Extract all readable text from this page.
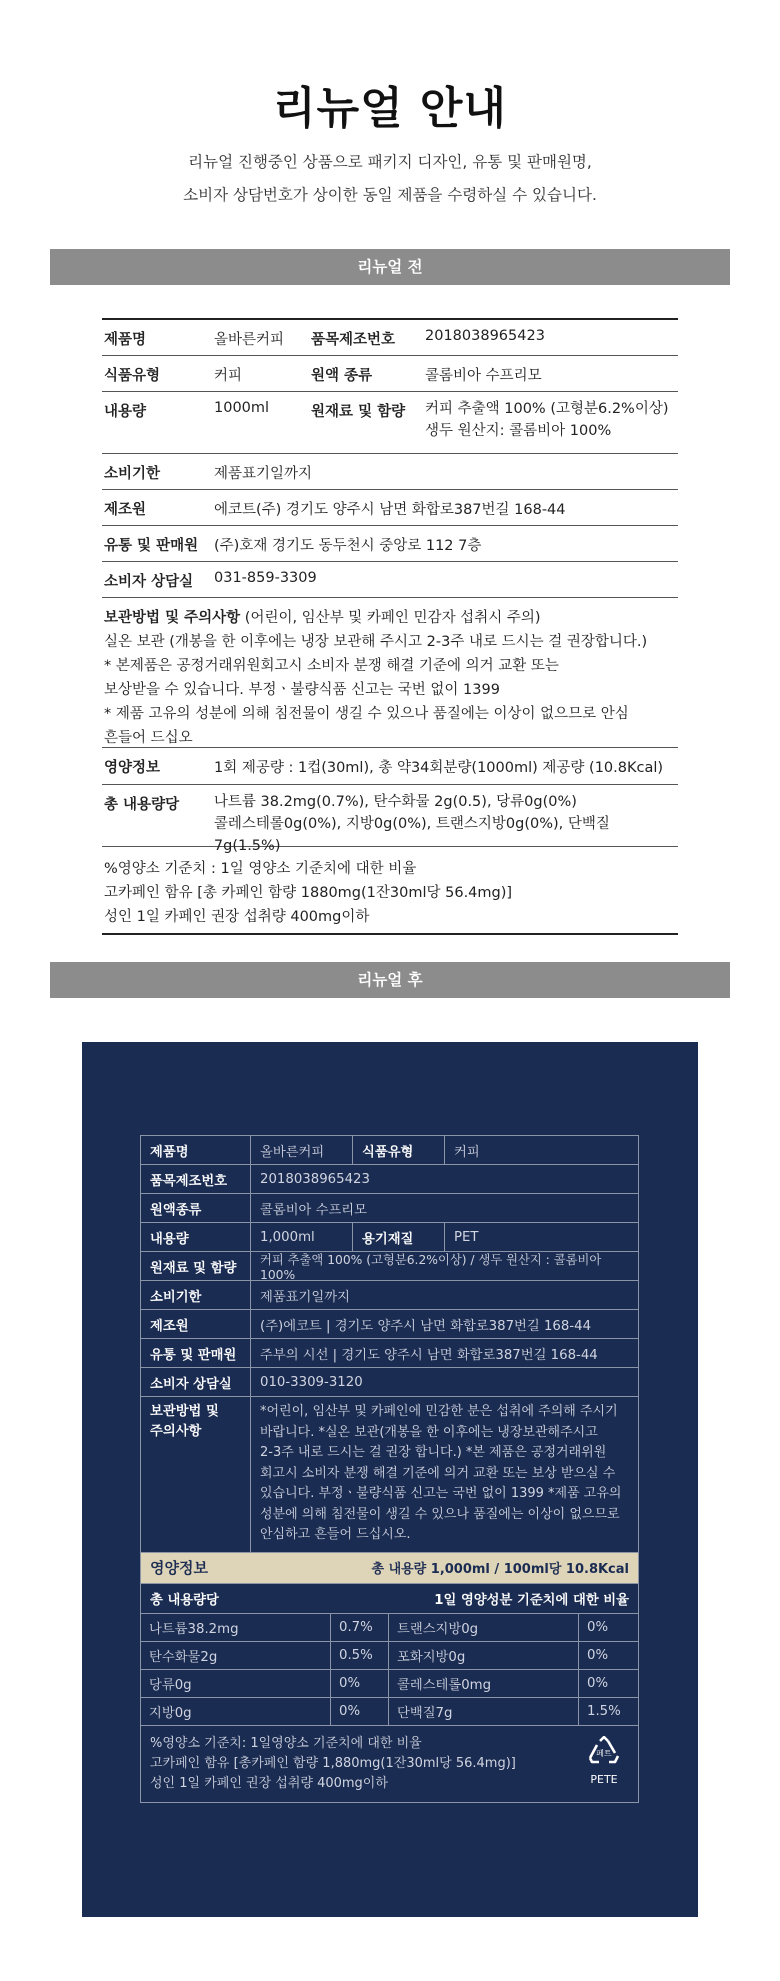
리뉴얼 안내
리뉴얼 진행중인 상품으로 패키지 디자인, 유통 및 판매원명,
소비자 상담번호가 상이한 동일 제품을 수령하실 수 있습니다.
리뉴얼 전
제품명	올바른커피	품목제조번호	2018038965423
식품유형	커피	원액 종류	콜롬비아 수프리모
내용량	1000ml	원재료 및 함량	커피 추출액 100% (고형분6.2%이상)
생두 원산지: 콜롬비아 100%
소비기한	제품표기일까지
제조원	에코트(주) 경기도 양주시 남면 화합로387번길 168-44
유통 및 판매원	(주)호재 경기도 동두천시 중앙로 112 7층
소비자 상담실	031-859-3309
보관방법 및 주의사항 (어린이, 임산부 및 카페인 민감자 섭취시 주의)
실온 보관 (개봉을 한 이후에는 냉장 보관해 주시고 2-3주 내로 드시는 걸 권장합니다.)
* 본제품은 공정거래위원회고시 소비자 분쟁 해결 기준에 의거 교환 또는
보상받을 수 있습니다. 부정ㆍ불량식품 신고는 국번 없이 1399
* 제품 고유의 성분에 의해 침전물이 생길 수 있으나 품질에는 이상이 없으므로 안심
흔들어 드십오
영양정보	1회 제공량 : 1컵(30ml), 총 약34회분량(1000ml) 제공량 (10.8Kcal)
총 내용량당	나트륨 38.2mg(0.7%), 탄수화물 2g(0.5), 당류0g(0%)
콜레스테롤0g(0%), 지방0g(0%), 트랜스지방0g(0%), 단백질7g(1.5%)
%영양소 기준치 : 1일 영양소 기준치에 대한 비율
고카페인 함유 [총 카페인 함량 1880mg(1잔30ml당 56.4mg)]
성인 1일 카페인 권장 섭취량 400mg이하
리뉴얼 후
제품명	올바른커피	식품유형	커피
품목제조번호	2018038965423
원액종류	콜롬비아 수프리모
내용량	1,000ml	용기재질	PET
원재료 및 함량
커피 추출액 100% (고형분6.2%이상) / 생두 원산지 : 콜롬비아 100%
소비기한	제품표기일까지
제조원	(주)에코트 | 경기도 양주시 남면 화합로387번길 168-44
유통 및 판매원	주부의 시선 | 경기도 양주시 남면 화합로387번길 168-44
소비자 상담실	010-3309-3120
보관방법 및
주의사항
*어린이, 임산부 및 카페인에 민감한 분은 섭취에 주의해 주시기
바랍니다. *실온 보관(개봉을 한 이후에는 냉장보관해주시고
2-3주 내로 드시는 걸 권장 합니다.) *본 제품은 공정거래위원
회고시 소비자 분쟁 해결 기준에 의거 교환 또는 보상 받으실 수
있습니다. 부정ㆍ불량식품 신고는 국번 없이 1399 *제품 고유의
성분에 의해 침전물이 생길 수 있으나 품질에는 이상이 없으므로
안심하고 흔들어 드십시오.
영양정보	총 내용량 1,000ml / 100ml당 10.8Kcal
총 내용량당	1일 영양성분 기준치에 대한 비율
나트륨38.2mg	0.7%	트랜스지방0g	0%
탄수화물2g	0.5%	포화지방0g	0%
당류0g	0%	콜레스테롤0mg	0%
지방0g	0%	단백질7g	1.5%
%영양소 기준치: 1일영양소 기준치에 대한 비율
고카페인 함유 [총카페인 함량 1,880mg(1잔30ml당 56.4mg)]
성인 1일 카페인 권장 섭취량 400mg이하
페트
PETE
